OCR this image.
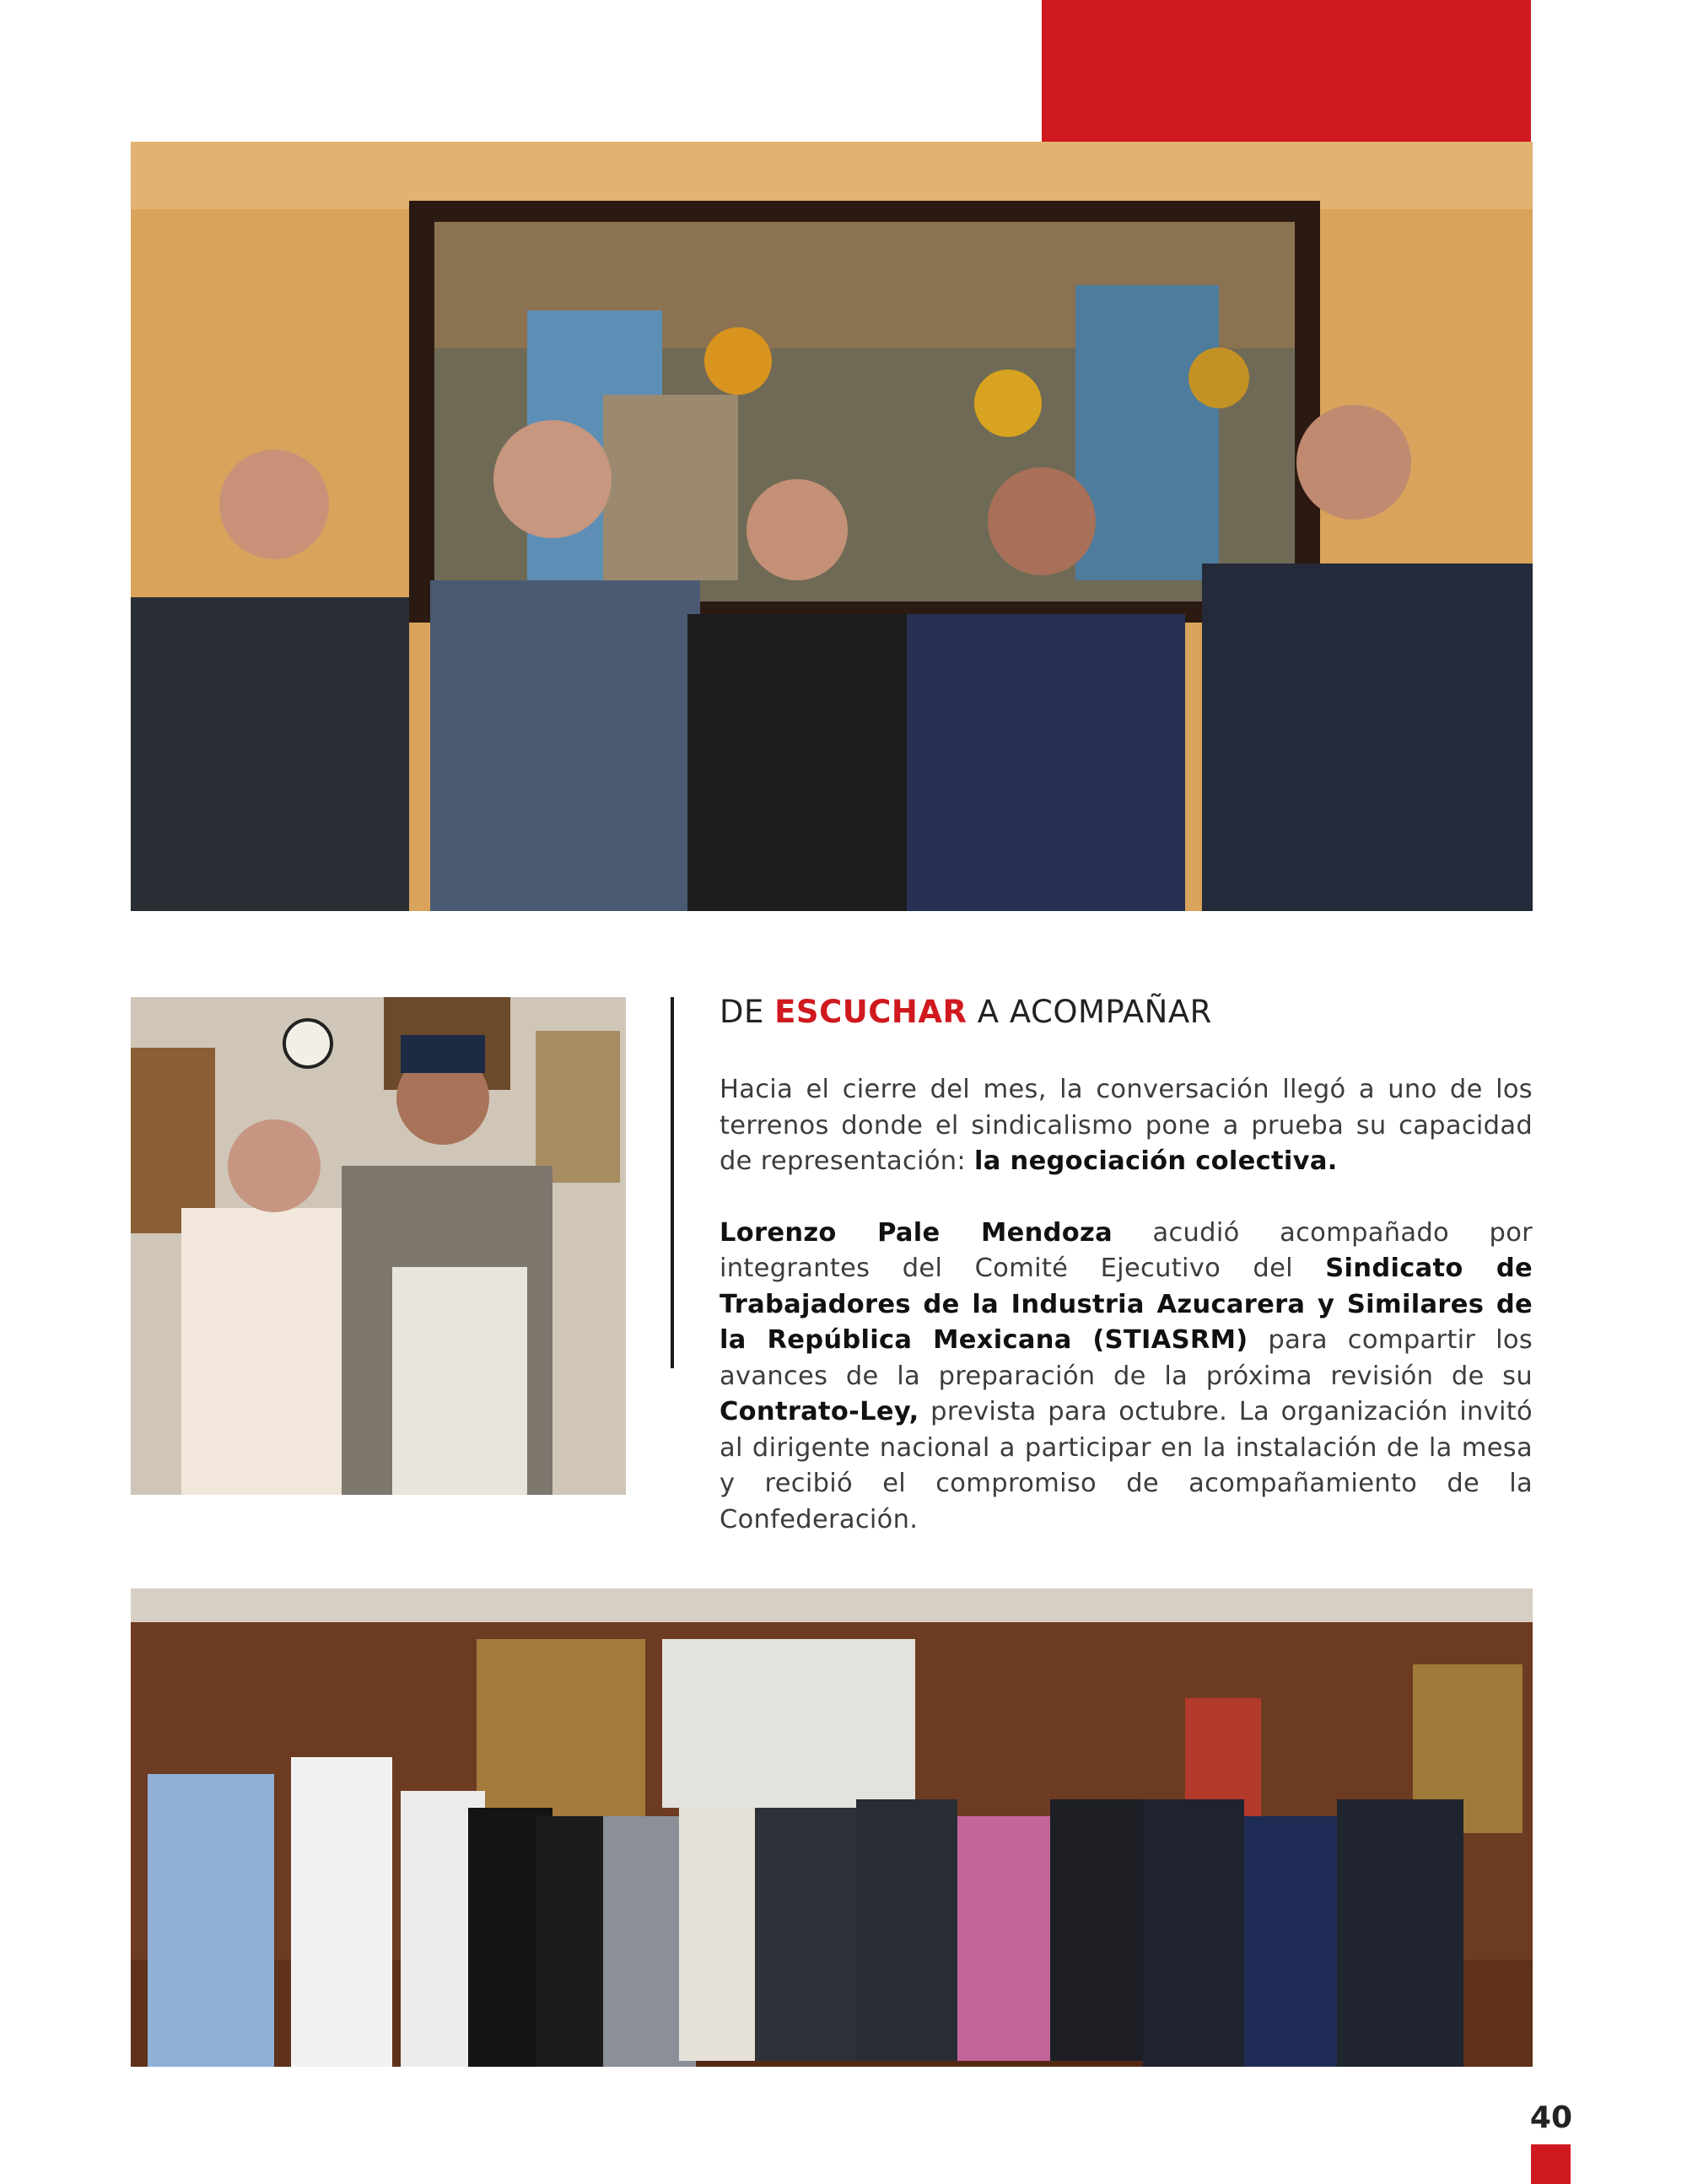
DE ESCUCHAR A ACOMPAÑAR

Hacia el cierre del mes, la conversación llegó a uno de los terrenos donde el sindicalismo pone a prueba su capacidad de representación: la negociación colectiva.

Lorenzo Pale Mendoza acudió acompañado por integrantes del Comité Ejecutivo del Sindicato de Trabajadores de la Industria Azucarera y Similares de la República Mexicana (STIASRM) para compartir los avances de la preparación de la próxima revisión de su Contrato-Ley, prevista para octubre. La organización invitó al dirigente nacional a participar en la instalación de la mesa y recibió el compromiso de acompañamiento de la Confederación.

40
